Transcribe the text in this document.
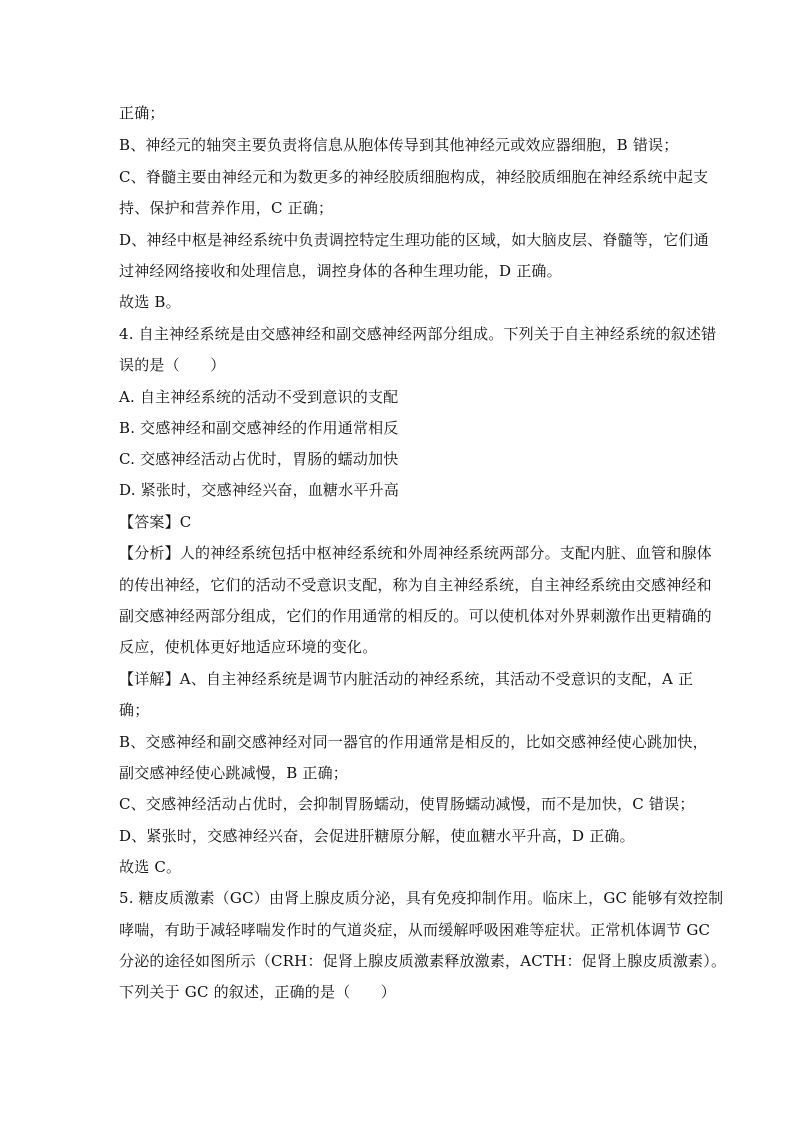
正确；
B、神经元的轴突主要负责将信息从胞体传导到其他神经元或效应器细胞，B 错误；
C、脊髓主要由神经元和为数更多的神经胶质细胞构成，神经胶质细胞在神经系统中起支
持、保护和营养作用，C 正确；
D、神经中枢是神经系统中负责调控特定生理功能的区域，如大脑皮层、脊髓等，它们通
过神经网络接收和处理信息，调控身体的各种生理功能，D 正确。
故选 B。
4. 自主神经系统是由交感神经和副交感神经两部分组成。下列关于自主神经系统的叙述错
误的是（　　）
A. 自主神经系统的活动不受到意识的支配
B. 交感神经和副交感神经的作用通常相反
C. 交感神经活动占优时，胃肠的蠕动加快
D. 紧张时，交感神经兴奋，血糖水平升高
【答案】C
【分析】人的神经系统包括中枢神经系统和外周神经系统两部分。支配内脏、血管和腺体
的传出神经，它们的活动不受意识支配，称为自主神经系统，自主神经系统由交感神经和
副交感神经两部分组成，它们的作用通常的相反的。可以使机体对外界刺激作出更精确的
反应，使机体更好地适应环境的变化。
【详解】A、自主神经系统是调节内脏活动的神经系统，其活动不受意识的支配，A 正
确；
B、交感神经和副交感神经对同一器官的作用通常是相反的，比如交感神经使心跳加快，
副交感神经使心跳减慢，B 正确；
C、交感神经活动占优时，会抑制胃肠蠕动，使胃肠蠕动减慢，而不是加快，C 错误；
D、紧张时，交感神经兴奋，会促进肝糖原分解，使血糖水平升高，D 正确。
故选 C。
5. 糖皮质激素（GC）由肾上腺皮质分泌，具有免疫抑制作用。临床上，GC 能够有效控制
哮喘，有助于减轻哮喘发作时的气道炎症，从而缓解呼吸困难等症状。正常机体调节 GC
分泌的途径如图所示（CRH：促肾上腺皮质激素释放激素，ACTH：促肾上腺皮质激素）。
下列关于 GC 的叙述，正确的是（　　）
